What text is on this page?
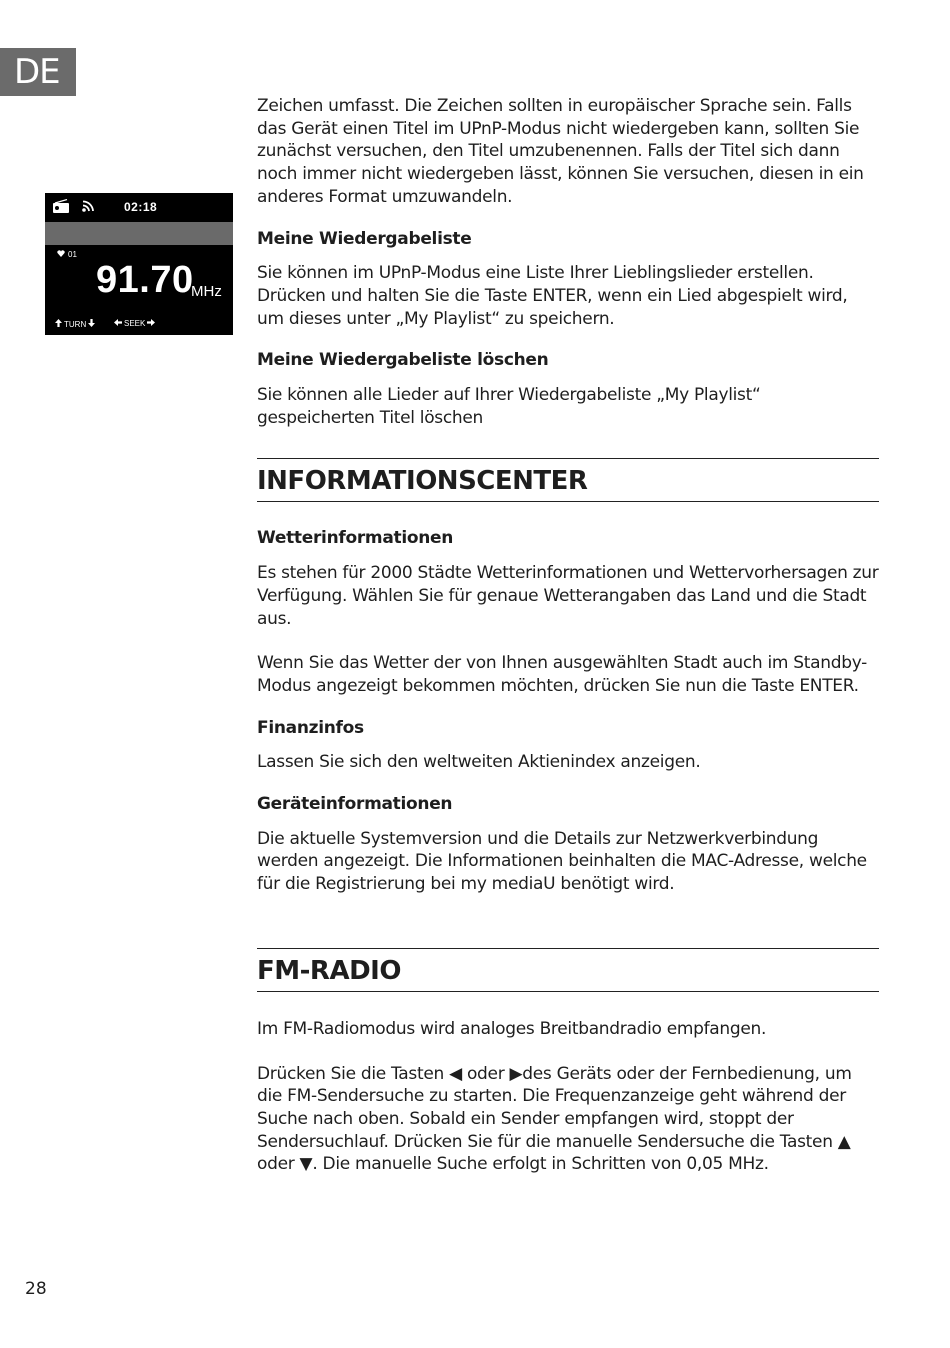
DE
02:18
01
91.70
MHz
TURN	SEEK

Zeichen umfasst. Die Zeichen sollten in europäischer Sprache sein. Falls das Gerät einen Titel im UPnP-Modus nicht wiedergeben kann, sollten Sie zunächst versuchen, den Titel umzubenennen. Falls der Titel sich dann noch immer nicht wiedergeben lässt, können Sie versuchen, diesen in ein anderes Format umzuwandeln.

Meine Wiedergabeliste

Sie können im UPnP-Modus eine Liste Ihrer Lieblingslieder erstellen. Drücken und halten Sie die Taste ENTER, wenn ein Lied abgespielt wird, um dieses unter „My Playlist“ zu speichern.

Meine Wiedergabeliste löschen

Sie können alle Lieder auf Ihrer Wiedergabeliste „My Playlist“ gespeicherten Titel löschen

INFORMATIONSCENTER
Wetterinformationen

Es stehen für 2000 Städte Wetterinformationen und Wettervorhersagen zur Verfügung. Wählen Sie für genaue Wetterangaben das Land und die Stadt aus.

Wenn Sie das Wetter der von Ihnen ausgewählten Stadt auch im Standby-Modus angezeigt bekommen möchten, drücken Sie nun die Taste ENTER.

Finanzinfos

Lassen Sie sich den weltweiten Aktienindex anzeigen.

Geräteinformationen

Die aktuelle Systemversion und die Details zur Netzwerkverbindung werden angezeigt. Die Informationen beinhalten die MAC-Adresse, welche für die Registrierung bei my mediaU benötigt wird.

FM-RADIO

Im FM-Radiomodus wird analoges Breitbandradio empfangen.

Drücken Sie die Tasten ◀ oder ▶des Geräts oder der Fernbedienung, um die FM-Sendersuche zu starten. Die Frequenzanzeige geht während der Suche nach oben. Sobald ein Sender empfangen wird, stoppt der Sendersuchlauf. Drücken Sie für die manuelle Sendersuche die Tasten ▲ oder ▼. Die manuelle Suche erfolgt in Schritten von 0,05 MHz.

28
